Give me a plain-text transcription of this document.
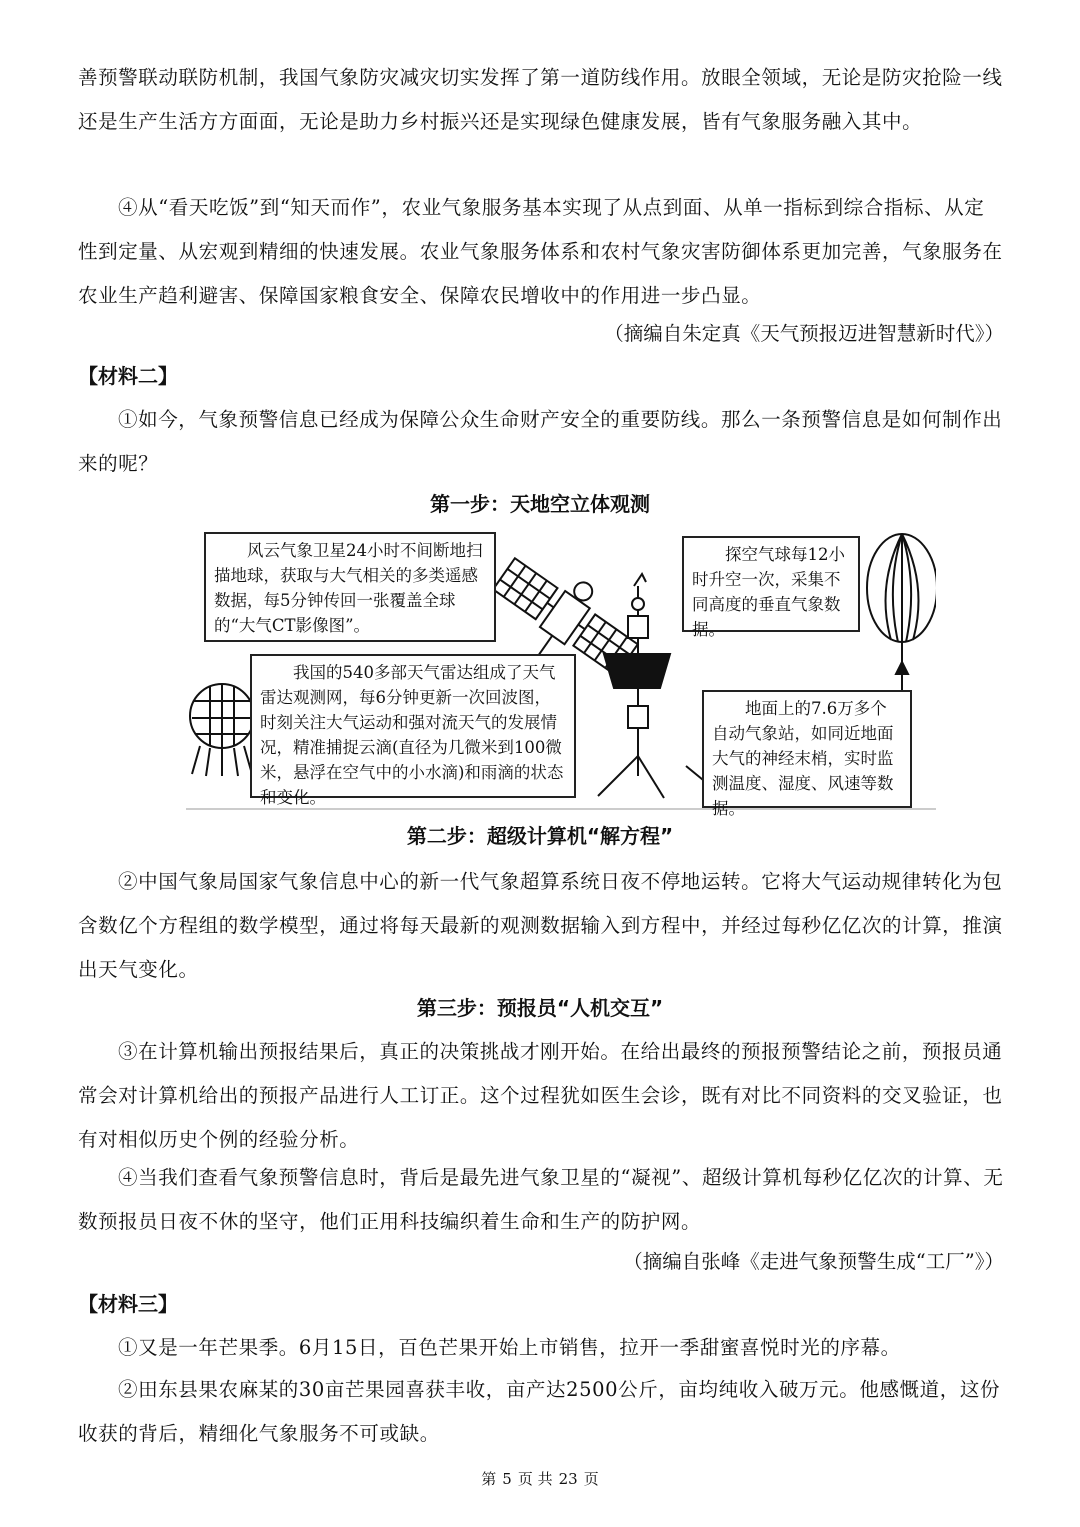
善预警联动联防机制，我国气象防灾减灾切实发挥了第一道防线作用。放眼全领域，无论是防灾抢险一线还是生产生活方方面面，无论是助力乡村振兴还是实现绿色健康发展，皆有气象服务融入其中。

④从“看天吃饭”到“知天而作”，农业气象服务基本实现了从点到面、从单一指标到综合指标、从定性到定量、从宏观到精细的快速发展。农业气象服务体系和农村气象灾害防御体系更加完善，气象服务在农业生产趋利避害、保障国家粮食安全、保障农民增收中的作用进一步凸显。

（摘编自朱定真《天气预报迈进智慧新时代》）

【材料二】

①如今，气象预警信息已经成为保障公众生命财产安全的重要防线。那么一条预警信息是如何制作出来的呢？

第一步：天地空立体观测

风云气象卫星24小时不间断地扫描地球，获取与大气相关的多类遥感数据，每5分钟传回一张覆盖全球的“大气CT影像图”。
探空气球每12小时升空一次，采集不同高度的垂直气象数据。
我国的540多部天气雷达组成了天气雷达观测网，每6分钟更新一次回波图，时刻关注大气运动和强对流天气的发展情况，精准捕捉云滴(直径为几微米到100微米，悬浮在空气中的小水滴)和雨滴的状态和变化。
地面上的7.6万多个自动气象站，如同近地面大气的神经末梢，实时监测温度、湿度、风速等数据。

第二步：超级计算机“解方程”

②中国气象局国家气象信息中心的新一代气象超算系统日夜不停地运转。它将大气运动规律转化为包含数亿个方程组的数学模型，通过将每天最新的观测数据输入到方程中，并经过每秒亿亿次的计算，推演出天气变化。

第三步：预报员“人机交互”

③在计算机输出预报结果后，真正的决策挑战才刚开始。在给出最终的预报预警结论之前，预报员通常会对计算机给出的预报产品进行人工订正。这个过程犹如医生会诊，既有对比不同资料的交叉验证，也有对相似历史个例的经验分析。

④当我们查看气象预警信息时，背后是最先进气象卫星的“凝视”、超级计算机每秒亿亿次的计算、无数预报员日夜不休的坚守，他们正用科技编织着生命和生产的防护网。

（摘编自张峰《走进气象预警生成“工厂”》）

【材料三】

①又是一年芒果季。6月15日，百色芒果开始上市销售，拉开一季甜蜜喜悦时光的序幕。

②田东县果农麻某的30亩芒果园喜获丰收，亩产达2500公斤，亩均纯收入破万元。他感慨道，这份收获的背后，精细化气象服务不可或缺。

第 5 页 共 23 页
